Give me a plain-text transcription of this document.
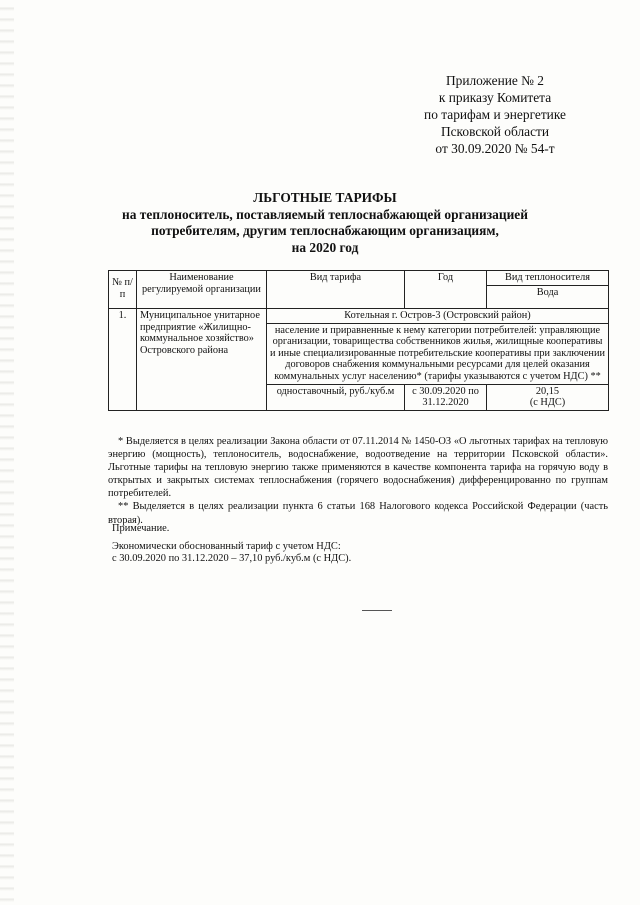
Приложение № 2
к приказу Комитета
по тарифам и энергетике
Псковской области
от 30.09.2020 № 54-т
ЛЬГОТНЫЕ ТАРИФЫ
на теплоноситель, поставляемый теплоснабжающей организацией
потребителям, другим теплоснабжающим организациям,
на 2020 год
№ п/п	Наименование регулируемой организации	Вид тарифа	Год	Вид теплоносителя
				Вода
1.	Муниципальное унитарное предприятие «Жилищно-коммунальное хозяйство» Островского района	Котельная г. Остров-3 (Островский район)		
		население и приравненные к нему категории потребителей: управляющие организации, товарищества собственников жилья, жилищные кооперативы и иные специализированные потребительские кооперативы при заключении договоров снабжения коммунальными ресурсами для целей оказания коммунальных услуг населению* (тарифы указываются с учетом НДС) **		
		одноставочный, руб./куб.м	с 30.09.2020 по 31.12.2020	20,15
(с НДС)

* Выделяется в целях реализации Закона области от 07.11.2014 № 1450-ОЗ «О льготных тарифах на тепловую энергию (мощность), теплоноситель, водоснабжение, водоотведение на территории Псковской области». Льготные тарифы на тепловую энергию также применяются в качестве компонента тарифа на горячую воду в открытых и закрытых системах теплоснабжения (горячего водоснабжения) дифференцированно по группам потребителей.

** Выделяется в целях реализации пункта 6 статьи 168 Налогового кодекса Российской Федерации (часть вторая).

Примечание.
Экономически обоснованный тариф с учетом НДС:
с 30.09.2020 по 31.12.2020 – 37,10 руб./куб.м (с НДС).
